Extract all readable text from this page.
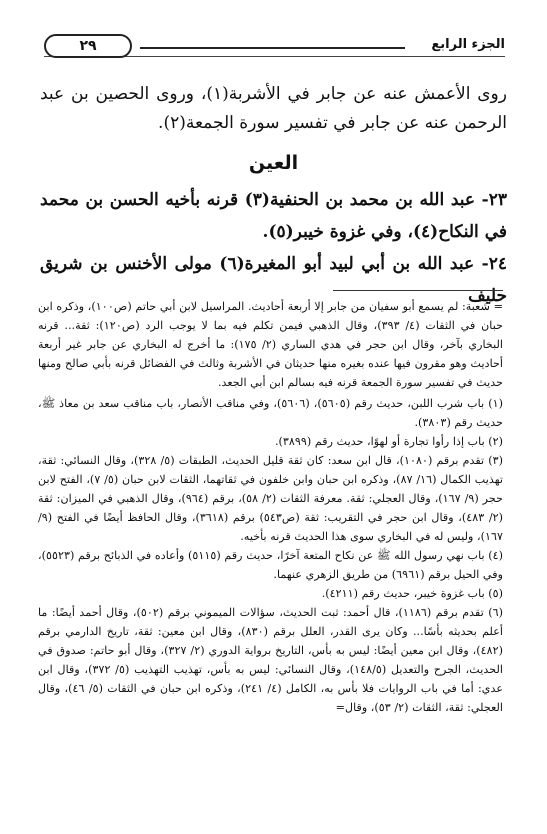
الجزء الرابع
٢٩

روى الأعمش عنه عن جابر في الأشربة(١)، وروى الحصين بن عبد الرحمن عنه عن جابر في تفسير سورة الجمعة(٢).

العين

٢٣- عبد الله بن محمد بن الحنفية(٣) قرنه بأخيه الحسن بن محمد في النكاح(٤)، وفي غزوة خيبر(٥).

٢٤- عبد الله بن أبي لبيد أبو المغيرة(٦) مولى الأخنس بن شريق حليف

= شعبة: لم يسمع أبو سفيان من جابر إلا أربعة أحاديث. المراسيل لابن أبي حاتم (ص١٠٠)، وذكره ابن حبان في الثقات (٤/ ٣٩٣)، وقال الذهبي فيمن تكلم فيه بما لا يوجب الرد (ص١٢٠): ثقة... قرنه البخاري بآخر، وقال ابن حجر في هدي الساري (٢/ ١٧٥): ما أخرج له البخاري عن جابر غير أربعة أحاديث وهو مقرون فيها عنده بغيره منها حديثان في الأشربة وثالث في الفضائل قرنه بأبي صالح ومنها حديث في تفسير سورة الجمعة قرنه فيه بسالم ابن أبي الجعد.

(١) باب شرب اللبن، حديث رقم (٥٦٠٥)، (٥٦٠٦)، وفي مناقب الأنصار، باب مناقب سعد بن معاذ ﷺ، حديث رقم (٣٨٠٣).

(٢) باب إذا رأوا تجارة أو لهوًا، حديث رقم (٣٨٩٩).

(٣) تقدم برقم (١٠٨٠)، قال ابن سعد: كان ثقة قليل الحديث، الطبقات (٥/ ٣٢٨)، وقال النسائي: ثقة، تهذيب الكمال (١٦/ ٨٧)، وذكره ابن حبان وابن خلفون في ثقاتهما، الثقات لابن حبان (٥/ ٧)، الفتح لابن حجر (٩/ ١٦٧)، وقال العجلي: ثقة. معرفة الثقات (٢/ ٥٨)، برقم (٩٦٤)، وقال الذهبي في الميزان: ثقة (٢/ ٤٨٣)، وقال ابن حجر في التقريب: ثقة (ص٥٤٣) برقم (٣٦١٨)، وقال الحافظ أيضًا في الفتح (٩/ ١٦٧)، وليس له في البخاري سوى هذا الحديث قرنه بأخيه.

(٤) باب نهي رسول الله ﷺ عن نكاح المتعة آخرًا، حديث رقم (٥١١٥) وأعاده في الذبائح برقم (٥٥٢٣)، وفي الحيل برقم (٦٩٦١) من طريق الزهري عنهما.

(٥) باب غزوة خيبر، حديث رقم (٤٢١١).

(٦) تقدم برقم (١١٨٦)، قال أحمد: ثبت الحديث، سؤالات الميموني برقم (٥٠٢)، وقال أحمد أيضًا: ما أعلم بحديثه بأسًا... وكان يرى القدر، العلل برقم (٨٣٠)، وقال ابن معين: ثقة، تاريخ الدارمي برقم (٤٨٢)، وقال ابن معين أيضًا: ليس به بأس، التاريخ برواية الدوري (٢/ ٣٢٧)، وقال أبو حاتم: صدوق في الحديث، الجرح والتعديل (١٤٨/٥)، وقال النسائي: ليس به بأس، تهذيب التهذيب (٥/ ٣٧٢)، وقال ابن عدي: أما في باب الروايات فلا بأس به، الكامل (٤/ ٢٤١)، وذكره ابن حبان في الثقات (٥/ ٤٦)، وقال العجلي: ثقة، الثقات (٢/ ٥٣)، وقال=
